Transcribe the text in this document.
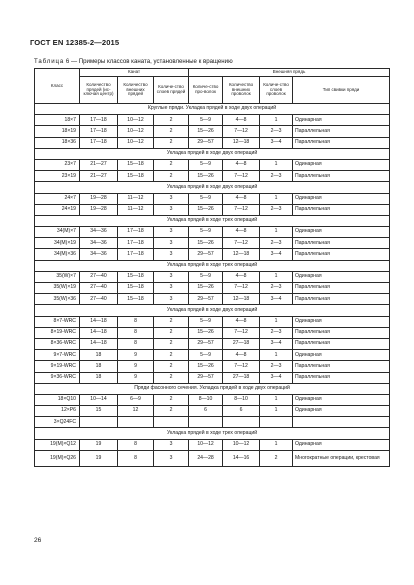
ГОСТ EN 12385-2—2015
Таблица 6 — Примеры классов каната, установленные к вращению
Класс	Канат			Внешняя прядь			
	Количество прядей (ис-ключая центр)	Количество внешних прядей	Количе-ство слоев прядей	Количе-ство про-волок	Количество внешних проволок	Количе-ство слоев проволок	Тип свивки пряди
Круглые пряди. Укладка прядей в ходе двух операций							
18×7	17—18	10—12	2	5—9	4—8	1	Одинарная
18×19	17—18	10—12	2	15—26	7—12	2—3	Параллельная
18×36	17—18	10—12	2	29—57	12—18	3—4	Параллельная
Укладка прядей в ходе двух операций							
23×7	21—27	15—18	2	5—9	4—8	1	Одинарная
23×19	21—27	15—18	2	15—26	7—12	2—3	Параллельная
Укладка прядей в ходе двух операций							
24×7	19—28	11—12	3	5—9	4—8	1	Одинарная
24×19	19—28	11—12	3	15—26	7—12	2—3	Параллельная
Укладка прядей в ходе трех операций							
34(M)×7	34—36	17—18	3	5—9	4—8	1	Одинарная
34(M)×19	34—36	17—18	3	15—26	7—12	2—3	Параллельная
34(M)×36	34—36	17—18	3	29—57	12—18	3—4	Параллельная
Укладка прядей в ходе трех операций							
35(W)×7	27—40	15—18	3	5—9	4—8	1	Одинарная
35(W)×19	27—40	15—18	3	15—26	7—12	2—3	Параллельная
35(W)×36	27—40	15—18	3	29—57	12—18	3—4	Параллельная
Укладка прядей в ходе двух операций							
8×7-WRC	14—18	8	2	5—9	4—8	1	Одинарная
8×19-WRC	14—18	8	2	15—26	7—12	2—3	Параллельная
8×36-WRC	14—18	8	2	29—57	27—18	3—4	Параллельная
9×7-WRC	18	9	2	5—9	4—8	1	Одинарная
9×19-WRC	18	9	2	15—26	7—12	2—3	Параллельная
9×36-WRC	18	9	2	29—57	27—18	3—4	Параллельная
Пряди фасонного сечения. Укладка прядей в ходе двух операций							
18×Q10	10—14	6—9	2	8—10	8—10	1	Одинарная
12×P6	15	12	2	6	6	1	Одинарная
3×Q24FC							
Укладка прядей в ходе трех операций							
19(M)×Q12	19	8	3	10—12	10—12	1	Одинарная
19(M)×Q26	19	8	3	24—28	14—16	2	Многократные операции, крестовая
26
